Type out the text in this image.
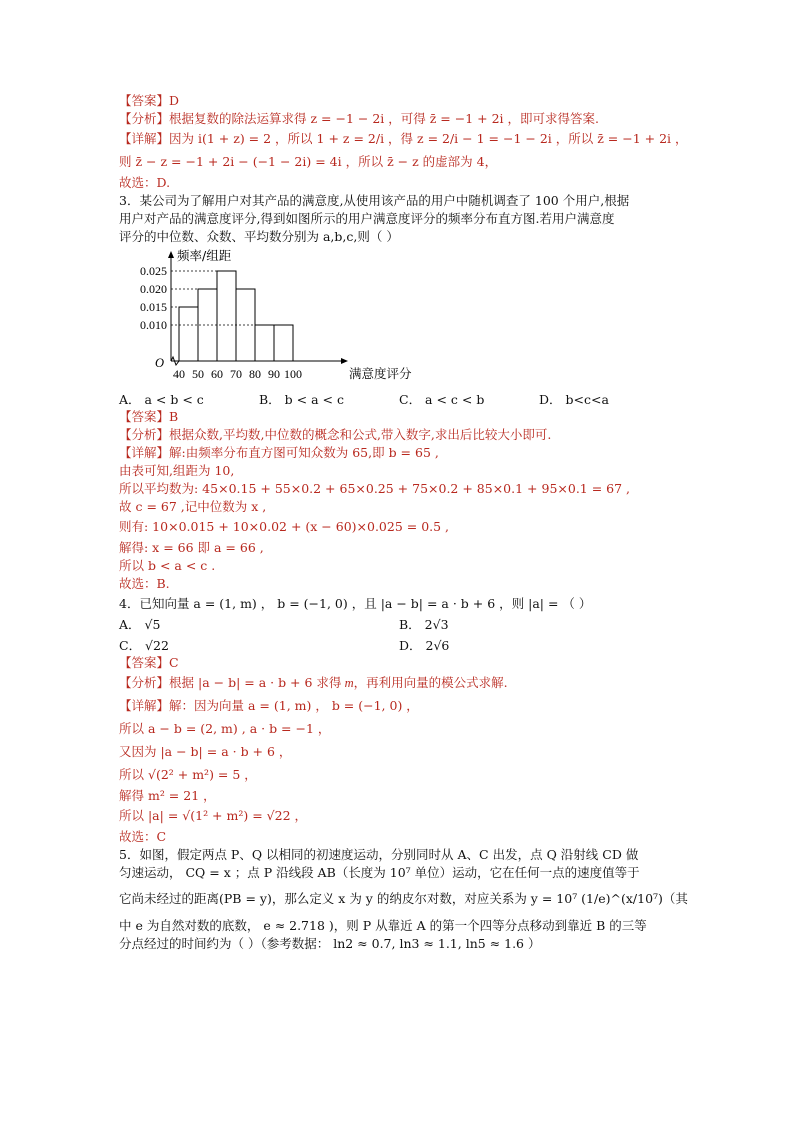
【答案】D
【分析】根据复数的除法运算求得 z = −1 − 2i ，可得 z̄ = −1 + 2i ，即可求得答案.
【详解】因为 i(1 + z) = 2 ，所以 1 + z = 2/i ，得 z = 2/i − 1 = −1 − 2i ，所以 z̄ = −1 + 2i ，
则 z̄ − z = −1 + 2i − (−1 − 2i) = 4i ，所以 z̄ − z 的虚部为 4，
故选：D.
3．某公司为了解用户对其产品的满意度,从使用该产品的用户中随机调查了 100 个用户,根据
用户对产品的满意度评分,得到如图所示的用户满意度评分的频率分布直方图.若用户满意度
评分的中位数、众数、平均数分别为 a,b,c,则（ ）
0.010
0.015
0.020
0.025
40 50 60 70 80 90 100
频率/组距
满意度评分
O
A． a < b < c	B． b < a < c	C． a < c < b	D． b<c<a
【答案】B
【分析】根据众数,平均数,中位数的概念和公式,带入数字,求出后比较大小即可.
【详解】解:由频率分布直方图可知众数为 65,即 b = 65 ,
由表可知,组距为 10,
所以平均数为: 45×0.15 + 55×0.2 + 65×0.25 + 75×0.2 + 85×0.1 + 95×0.1 = 67 ,
故 c = 67 ,记中位数为 x ,
则有: 10×0.015 + 10×0.02 + (x − 60)×0.025 = 0.5 ,
解得: x = 66 即 a = 66 ,
所以 b < a < c .
故选：B.
4．已知向量 a = (1, m) ， b = (−1, 0) ，且 |a − b| = a · b + 6 ，则 |a| = （ ）
A． √5	B． 2√3
C． √22	D． 2√6
【答案】C
【分析】根据 |a − b| = a · b + 6 求得 m，再利用向量的模公式求解.
【详解】解：因为向量 a = (1, m) ， b = (−1, 0) ，
所以 a − b = (2, m) , a · b = −1 ，
又因为 |a − b| = a · b + 6 ，
所以 √(2² + m²) = 5 ，
解得 m² = 21 ，
所以 |a| = √(1² + m²) = √22 ，
故选：C
5．如图，假定两点 P、Q 以相同的初速度运动，分别同时从 A、C 出发，点 Q 沿射线 CD 做
匀速运动， CQ = x ；点 P 沿线段 AB（长度为 10⁷ 单位）运动，它在任何一点的速度值等于
它尚未经过的距离(PB = y)，那么定义 x 为 y 的纳皮尔对数，对应关系为 y = 10⁷ (1/e)^(x/10⁷)（其
中 e 为自然对数的底数， e ≈ 2.718 )，则 P 从靠近 A 的第一个四等分点移动到靠近 B 的三等
分点经过的时间约为（ ）（参考数据： ln2 ≈ 0.7, ln3 ≈ 1.1, ln5 ≈ 1.6 ）
